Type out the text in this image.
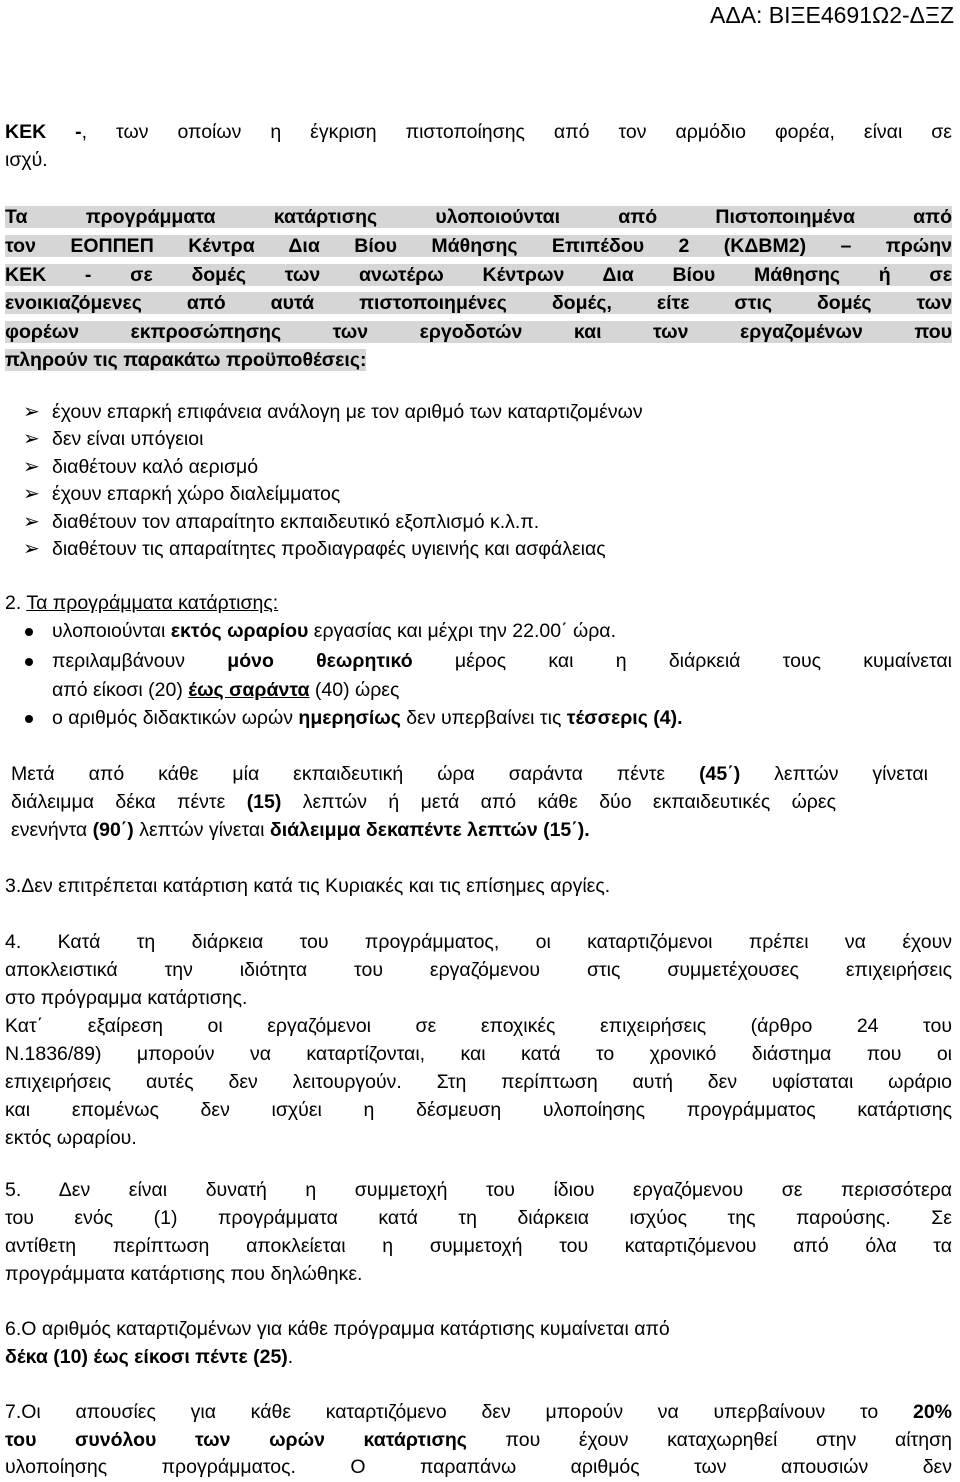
ΑΔΑ: ΒΙΞΕ4691Ω2-ΔΞΖ
ΚΕΚ -, των οποίων η έγκριση πιστοποίησης από τον αρμόδιο φορέα, είναι σε
ισχύ.
Τα προγράμματα κατάρτισης υλοποιούνται από Πιστοποιημένα από
τον ΕΟΠΠΕΠ Κέντρα Δια Βίου Μάθησης Επιπέδου 2 (ΚΔΒΜ2) – πρώην
ΚΕΚ - σε δομές των ανωτέρω Κέντρων Δια Βίου Μάθησης ή σε
ενοικιαζόμενες από αυτά πιστοποιημένες δομές, είτε στις δομές των
φορέων εκπροσώπησης των εργοδοτών και των εργαζομένων που
πληρούν τις παρακάτω προϋποθέσεις:
➢ έχουν επαρκή επιφάνεια ανάλογη με τον αριθμό των καταρτιζομένων
➢ δεν είναι υπόγειοι
➢ διαθέτουν καλό αερισμό
➢ έχουν επαρκή χώρο διαλείμματος
➢ διαθέτουν τον απαραίτητο εκπαιδευτικό εξοπλισμό κ.λ.π.
➢ διαθέτουν τις απαραίτητες προδιαγραφές υγιεινής και ασφάλειας
2. Τα προγράμματα κατάρτισης:
υλοποιούνται εκτός ωραρίου εργασίας και μέχρι την 22.00΄ ώρα.
περιλαμβάνουν μόνο θεωρητικό μέρος και η διάρκειά τους κυμαίνεται
από είκοσι (20) έως σαράντα (40) ώρες
ο αριθμός διδακτικών ωρών ημερησίως δεν υπερβαίνει τις τέσσερις (4).
Μετά από κάθε μία εκπαιδευτική ώρα σαράντα πέντε (45΄) λεπτών γίνεται
διάλειμμα δέκα πέντε (15) λεπτών ή μετά από κάθε δύο εκπαιδευτικές ώρες
ενενήντα (90΄) λεπτών γίνεται διάλειμμα δεκαπέντε λεπτών (15΄).
3.Δεν επιτρέπεται κατάρτιση κατά τις Κυριακές και τις επίσημες αργίες.
4. Κατά τη διάρκεια του προγράμματος, οι καταρτιζόμενοι πρέπει να έχουν
αποκλειστικά την ιδιότητα του εργαζόμενου στις συμμετέχουσες επιχειρήσεις
στο πρόγραμμα κατάρτισης.
Κατ΄ εξαίρεση οι εργαζόμενοι σε εποχικές επιχειρήσεις (άρθρο 24 του
Ν.1836/89) μπορούν να καταρτίζονται, και κατά το χρονικό διάστημα που οι
επιχειρήσεις αυτές δεν λειτουργούν. Στη περίπτωση αυτή δεν υφίσταται ωράριο
και επομένως δεν ισχύει η δέσμευση υλοποίησης προγράμματος κατάρτισης
εκτός ωραρίου.
5. Δεν είναι δυνατή η συμμετοχή του ίδιου εργαζόμενου σε περισσότερα
του ενός (1) προγράμματα κατά τη διάρκεια ισχύος της παρούσης. Σε
αντίθετη περίπτωση αποκλείεται η συμμετοχή του καταρτιζόμενου από όλα τα
προγράμματα κατάρτισης που δηλώθηκε.
6.Ο αριθμός καταρτιζομένων για κάθε πρόγραμμα κατάρτισης κυμαίνεται από
δέκα (10) έως είκοσι πέντε (25).
7.Οι απουσίες για κάθε καταρτιζόμενο δεν μπορούν να υπερβαίνουν το 20%
του συνόλου των ωρών κατάρτισης που έχουν καταχωρηθεί στην αίτηση
υλοποίησης προγράμματος. Ο παραπάνω αριθμός των απουσιών δεν
